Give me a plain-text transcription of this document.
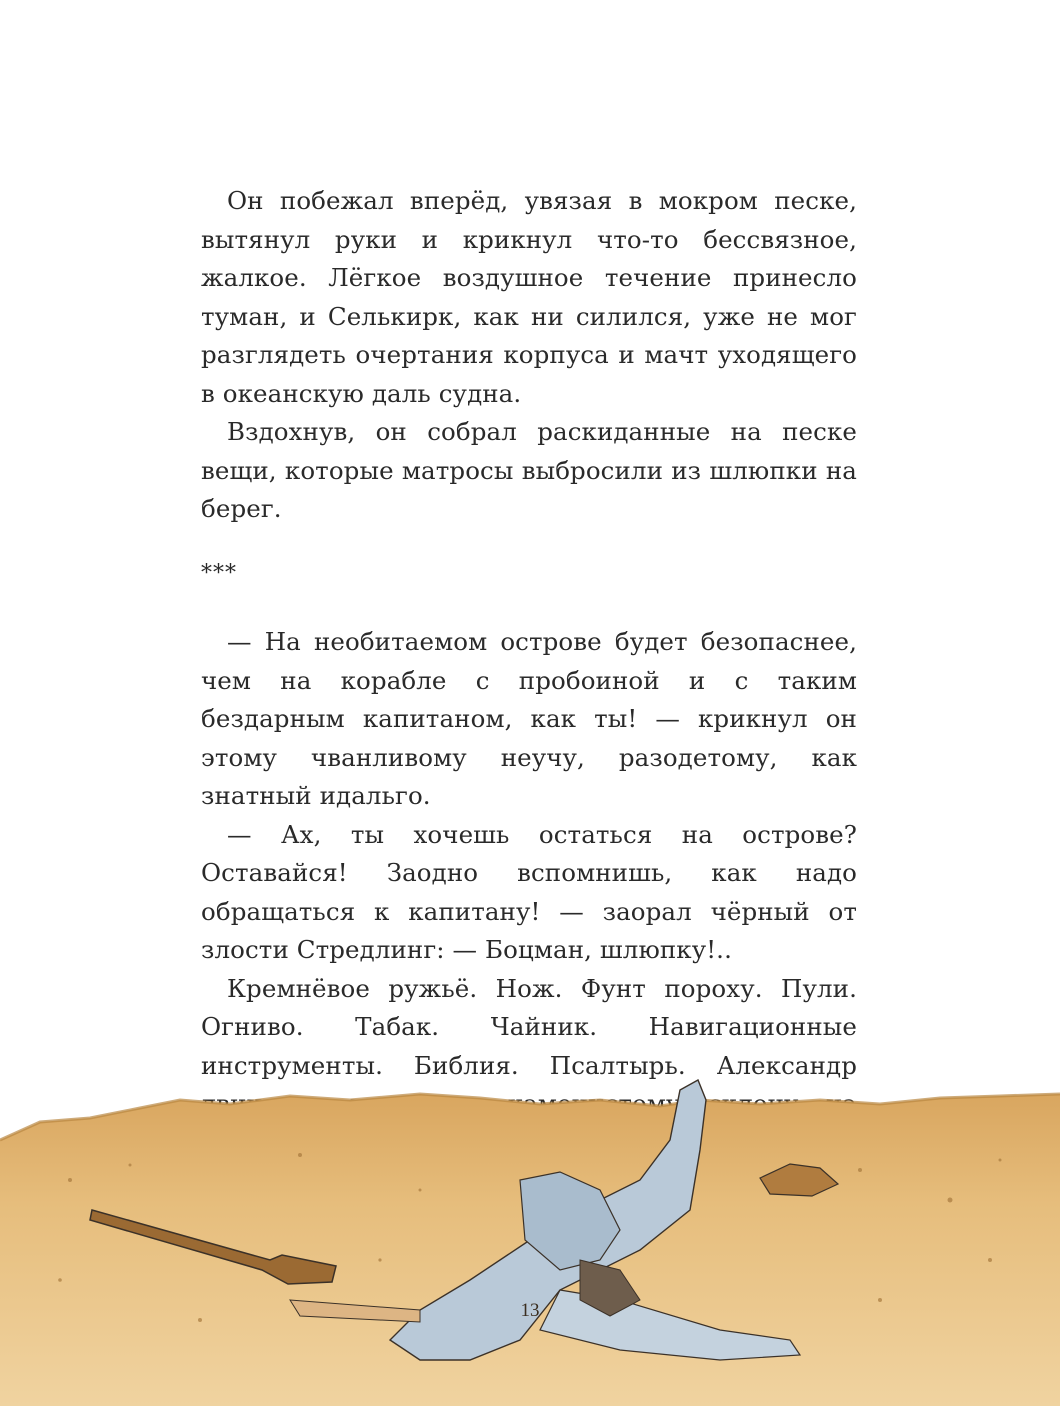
Он побежал вперёд, увязая в мокром песке, вытянул руки и крикнул что-то бессвязное, жалкое. Лёгкое воздушное течение принесло туман, и Селькирк, как ни силился, уже не мог разглядеть очертания корпуса и мачт уходящего в океанскую даль судна.

Вздохнув, он собрал раскиданные на песке вещи, которые матросы выбросили из шлюпки на берег.

***

— На необитаемом острове будет безопаснее, чем на корабле с пробоиной и с таким бездарным капитаном, как ты! — крикнул он этому чванливому неучу, разодетому, как знатный идальго.

— Ах, ты хочешь остаться на острове? Оставайся! Заодно вспомнишь, как надо обращаться к капитану! — заорал чёрный от злости Стредлинг: — Боцман, шлюпку!..

Кремнёвое ружьё. Нож. Фунт пороху. Пули. Огниво. Табак. Чайник. Навигационные инструменты. Библия. Псалтырь. Александр склону

13
